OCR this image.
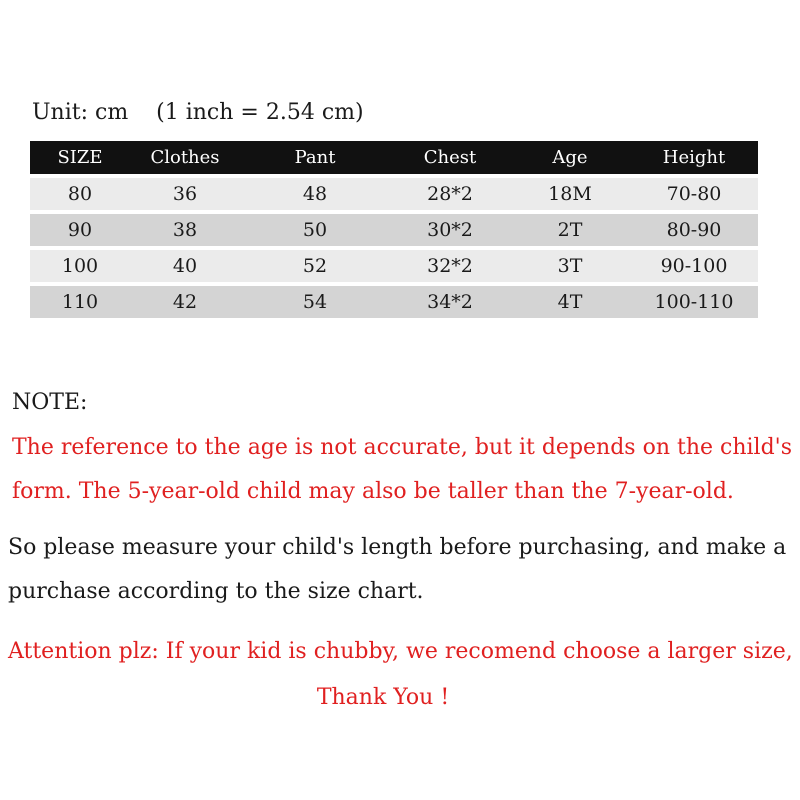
Unit: cm    (1 inch = 2.54 cm)
SIZE	Clothes	Pant	Chest	Age	Height
80	36	48	28*2	18M	70-80
90	38	50	30*2	2T	80-90
100	40	52	32*2	3T	90-100
110	42	54	34*2	4T	100-110
NOTE:
The reference to the age is not accurate, but it depends on the child's form. The 5-year-old child may also be taller than the 7-year-old.
So please measure your child's length before purchasing, and make a purchase according to the size chart.
Attention plz: If your kid is chubby, we recomend choose a larger size,
Thank You !
